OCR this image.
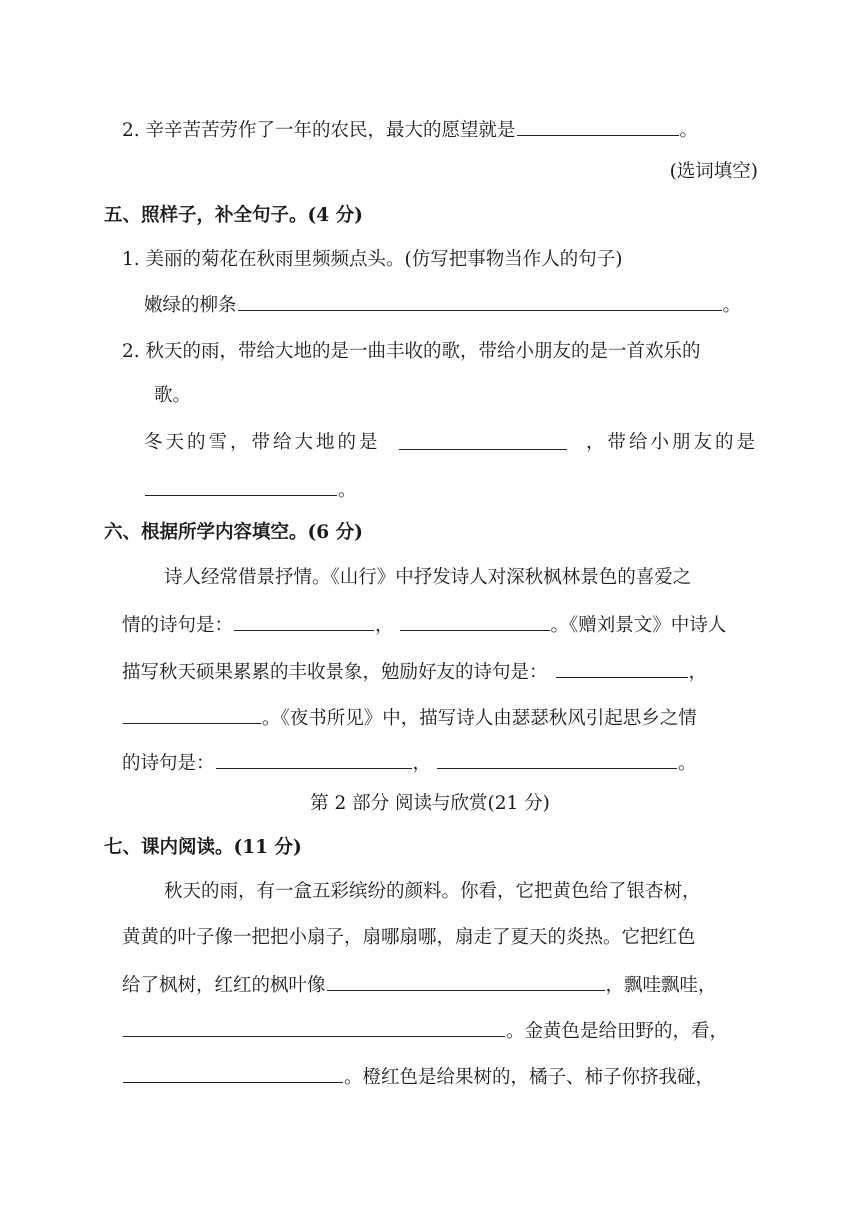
2. 辛辛苦苦劳作了一年的农民，最大的愿望就是	。
(选词填空)
五、照样子，补全句子。(4 分)
1. 美丽的菊花在秋雨里频频点头。(仿写把事物当作人的句子)
嫩绿的柳条	。
2. 秋天的雨，带给大地的是一曲丰收的歌，带给小朋友的是一首欢乐的
歌。
冬天的雪，带给大地的是	，带给小朋友的是
。
六、根据所学内容填空。(6 分)
诗人经常借景抒情。《山行》中抒发诗人对深秋枫林景色的喜爱之
情的诗句是：	，	。《赠刘景文》中诗人
描写秋天硕果累累的丰收景象，勉励好友的诗句是：	，
。《夜书所见》中，描写诗人由瑟瑟秋风引起思乡之情
的诗句是：	，	。
第 2 部分 阅读与欣赏(21 分)
七、课内阅读。(11 分)
秋天的雨，有一盒五彩缤纷的颜料。你看，它把黄色给了银杏树，
黄黄的叶子像一把把小扇子，扇哪扇哪，扇走了夏天的炎热。它把红色
给了枫树，红红的枫叶像	，飘哇飘哇，
。金黄色是给田野的，看，
。橙红色是给果树的，橘子、柿子你挤我碰，
